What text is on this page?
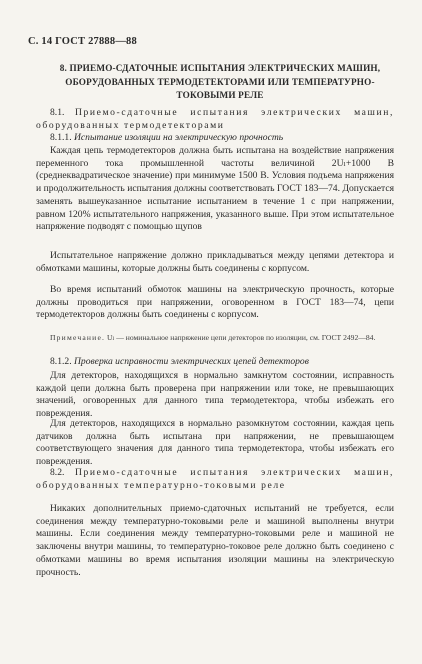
С. 14 ГОСТ 27888—88
8. ПРИЕМО-СДАТОЧНЫЕ ИСПЫТАНИЯ ЭЛЕКТРИЧЕСКИХ МАШИН, ОБОРУДОВАННЫХ ТЕРМОДЕТЕКТОРАМИ ИЛИ ТЕМПЕРАТУРНО-ТОКОВЫМИ РЕЛЕ

8.1. Приемо-сдаточные испытания электрических машин, оборудованных термодетекторами

8.1.1. Испытание изоляции на электрическую прочность

Каждая цепь термодетекторов должна быть испытана на воздействие напряжения переменного тока промышленной частоты величиной 2Uₗ+1000 В (среднеквадратическое значение) при минимуме 1500 В. Условия подъема напряжения и продолжительность испытания должны соответствовать ГОСТ 183—74. Допускается заменять вышеуказанное испытание испытанием в течение 1 с при напряжении, равном 120% испытательного напряжения, указанного выше. При этом испытательное напряжение подводят с помощью щупов

Испытательное напряжение должно прикладываться между цепями детектора и обмотками машины, которые должны быть соединены с корпусом.

Во время испытаний обмоток машины на электрическую прочность, которые должны проводиться при напряжении, оговоренном в ГОСТ 183—74, цепи термодетекторов должны быть соединены с корпусом.

Примечание. Uₗ — номинальное напряжение цепи детекторов по изоляции, см. ГОСТ 2492—84.

8.1.2. Проверка исправности электрических цепей детекторов

Для детекторов, находящихся в нормально замкнутом состоянии, исправность каждой цепи должна быть проверена при напряжении или токе, не превышающих значений, оговоренных для данного типа термодетектора, чтобы избежать его повреждения.

Для детекторов, находящихся в нормально разомкнутом состоянии, каждая цепь датчиков должна быть испытана при напряжении, не превышающем соответствующего значения для данного типа термодетектора, чтобы избежать его повреждения.

8.2. Приемо-сдаточные испытания электрических машин, оборудованных температурно-токовыми реле

Никаких дополнительных приемо-сдаточных испытаний не требуется, если соединения между температурно-токовыми реле и машиной выполнены внутри машины. Если соединения между температурно-токовыми реле и машиной не заключены внутри машины, то температурно-токовое реле должно быть соединено с обмотками машины во время испытания изоляции машины на электрическую прочность.
